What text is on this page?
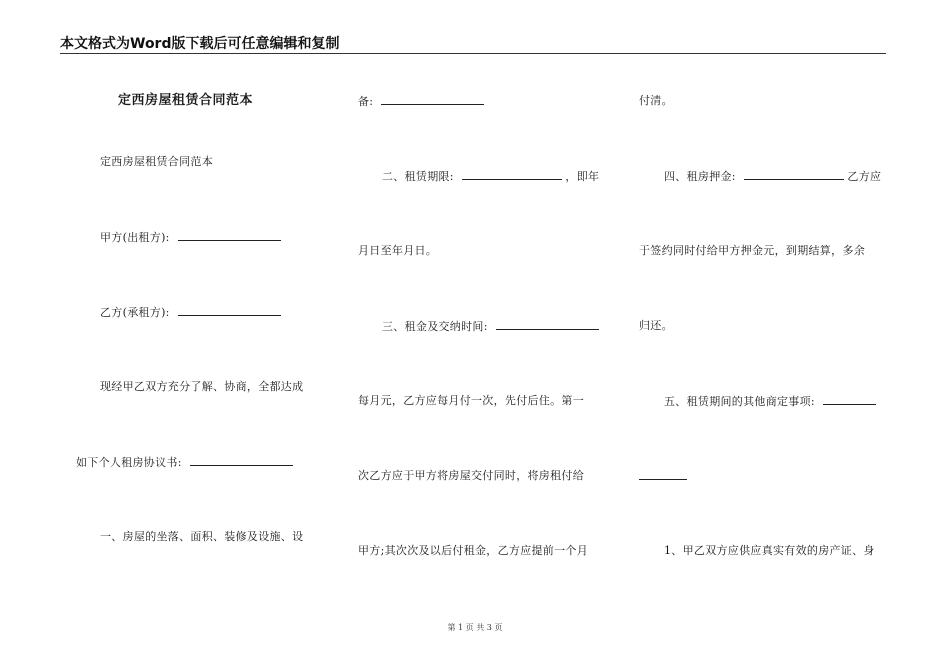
本文格式为Word版下载后可任意编辑和复制
定西房屋租赁合同范本
定西房屋租赁合同范本
甲方(出租方):
乙方(承租方):
现经甲乙双方充分了解、协商，全都达成
如下个人租房协议书:
一、房屋的坐落、面积、装修及设施、设
备:
二、租赁期限:	，即年
月日至年月日。
三、租金及交纳时间:
每月元，乙方应每月付一次，先付后住。第一
次乙方应于甲方将房屋交付同时，将房租付给
甲方;其次次及以后付租金，乙方应提前一个月
付清。
四、租房押金:	乙方应
于签约同时付给甲方押金元，到期结算，多余
归还。
五、租赁期间的其他商定事项:
1、甲乙双方应供应真实有效的房产证、身
第 1 页 共 3 页
